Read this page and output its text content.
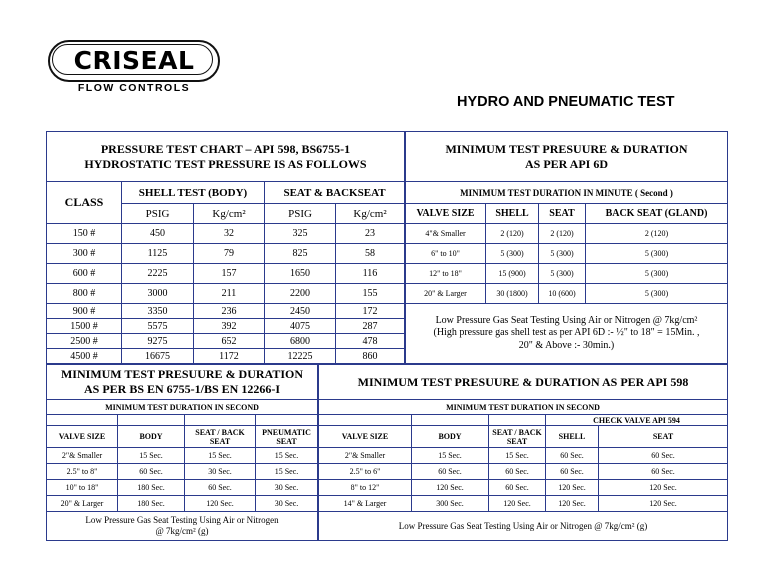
CRISEAL
FLOW CONTROLS
HYDRO AND PNEUMATIC TEST
PRESSURE TEST CHART – API 598, BS6755-1
HYDROSTATIC TEST PRESSURE IS AS FOLLOWS				

CLASS	SHELL TEST (BODY)		SEAT & BACKSEAT	
	PSIG	Kg/cm²	PSIG	Kg/cm²
150 #	450	32	325	23
300 #	1125	79	825	58
600 #	2225	157	1650	116
800 #	3000	211	2200	155
900 #	3350	236	2450	172
1500 #	5575	392	4075	287
2500 #	9275	652	6800	478
4500 #	16675	1172	12225	860
MINIMUM TEST PRESUURE & DURATION
AS PER API 6D			

MINIMUM TEST DURATION IN MINUTE ( Second )			
VALVE SIZE	SHELL	SEAT	BACK SEAT (GLAND)
4"& Smaller	2 (120)	2 (120)	2 (120)
6" to 10"	5 (300)	5 (300)	5 (300)
12" to 18"	15 (900)	5 (300)	5 (300)
20" & Larger	30 (1800)	10 (600)	5 (300)

Low Pressure Gas Seat Testing Using Air or Nitrogen @ 7kg/cm²
(High pressure gas shell test as per API 6D :- ½" to 18" = 15Min. ,
20" & Above :- 30min.)			
MINIMUM TEST PRESUURE & DURATION
AS PER BS EN 6755-1/BS EN 12266-I			

MINIMUM TEST DURATION IN SECOND			

VALVE SIZE	BODY	SEAT / BACK SEAT	PNEUMATIC SEAT
2"& Smaller	15 Sec.	15 Sec.	15 Sec.
2.5" to 8"	60 Sec.	30 Sec.	15 Sec.
10" to 18"	180 Sec.	60 Sec.	30 Sec.
20" & Larger	180 Sec.	120 Sec.	30 Sec.

Low Pressure Gas Seat Testing Using Air or Nitrogen
@ 7kg/cm² (g)			
MINIMUM TEST PRESUURE & DURATION AS PER API 598				
MINIMUM TEST DURATION IN SECOND				
			CHECK VALVE API 594	
VALVE SIZE	BODY	SEAT / BACK SEAT	SHELL	SEAT
2"& Smaller	15 Sec.	15 Sec.	60 Sec.	60 Sec.
2.5" to 6"	60 Sec.	60 Sec.	60 Sec.	60 Sec.
8" to 12"	120 Sec.	60 Sec.	120 Sec.	120 Sec.
14" & Larger	300 Sec.	120 Sec.	120 Sec.	120 Sec.
Low Pressure Gas Seat Testing Using Air or Nitrogen @ 7kg/cm² (g)				
